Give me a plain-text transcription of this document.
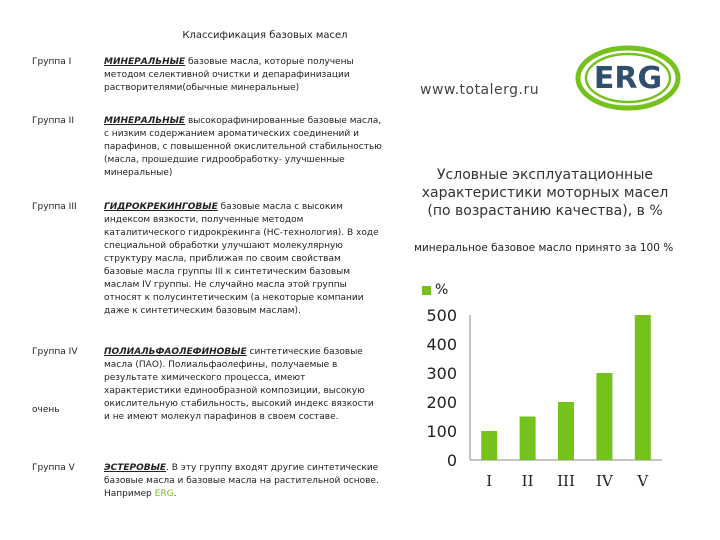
Классификация базовых масел
Группа I	МИНЕРАЛЬНЫЕ базовые масла, которые получены методом селективной очистки и депарафинизации растворителями(обычные минеральные)
Группа II	МИНЕРАЛЬНЫЕ высокорафинированные базовые масла, с низким содержанием ароматических соединений и парафинов, с повышенной окислительной стабильностью (масла, прошедшие гидрообработку- улучшенные минеральные)
Группа III	ГИДРОКРЕКИНГОВЫЕ базовые масла с высоким индексом вязкости, полученные методом каталитического гидрокрекинга (НС-технология). В ходе специальной обработки улучшают молекулярную структуру масла, приближая по своим свойствам базовые масла группы III к синтетическим базовым маслам IV группы. Не случайно масла этой группы относят к полусинтетическим (а некоторые компании даже к синтетическим базовым маслам).
Группа IV	ПОЛИАЛЬФАОЛЕФИНОВЫЕ синтетические базовые масла (ПАО). Полиальфаолефины, получаемые в результате химического процесса, имеют характеристики единообразной композиции, высокую окислительную стабильность, высокий индекс вязкости и не имеют молекул парафинов в своем составе.
очень
Группа V	ЭСТЕРОВЫЕ. В эту группу входят другие синтетические базовые масла и базовые масла на растительной основе. Например ERG.
www.totalerg.ru ERG
Условные эксплуатационные
характеристики моторных масел
(по возрастанию качества), в %
минеральное базовое масло принято за 100 %
%
0
100
200
300
400
500
I II III IV V
